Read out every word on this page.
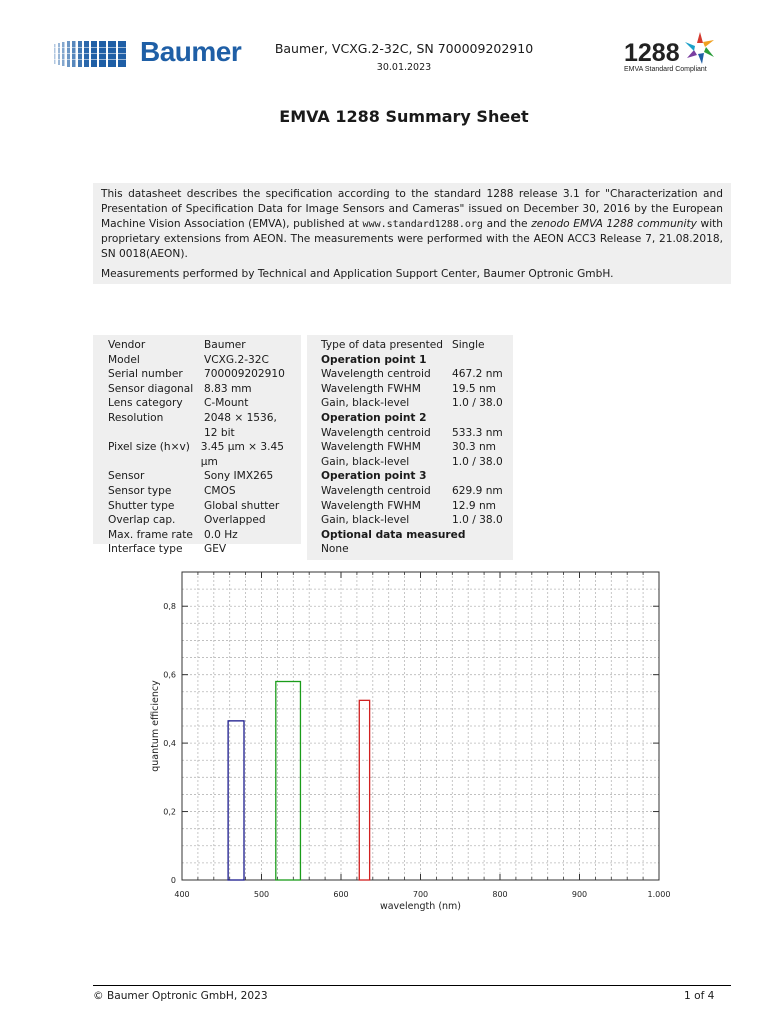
Baumer	Baumer, VCXG.2-32C, SN 700009202910
30.01.2023
1288
EMVA Standard Compliant
EMVA 1288 Summary Sheet

This datasheet describes the specification according to the standard 1288 release 3.1 for "Characterization and Presentation of Specification Data for Image Sensors and Cameras" issued on December 30, 2016 by the European Machine Vision Association (EMVA), published at www.standard1288.org and the zenodo EMVA 1288 community with proprietary extensions from AEON. The measurements were performed with the AEON ACC3 Release 7, 21.08.2018, SN 0018(AEON).

Measurements performed by Technical and Application Support Center, Baumer Optronic GmbH.

Vendor	Baumer
Model	VCXG.2-32C
Serial number	700009202910
Sensor diagonal	8.83 mm
Lens category	C-Mount
Resolution	2048 × 1536,
12 bit
Pixel size (h×v)	3.45 µm × 3.45 µm
Sensor	Sony IMX265
Sensor type	CMOS
Shutter type	Global shutter
Overlap cap.	Overlapped
Max. frame rate	0.0 Hz
Interface type	GEV
Type of data presented Single
Operation point 1
Wavelength centroid	467.2 nm
Wavelength FWHM	19.5 nm
Gain, black-level	1.0 / 38.0
Operation point 2
Wavelength centroid	533.3 nm
Wavelength FWHM	30.3 nm
Gain, black-level	1.0 / 38.0
Operation point 3
Wavelength centroid	629.9 nm
Wavelength FWHM	12.9 nm
Gain, black-level	1.0 / 38.0
Optional data measured
None
400	500	600	700	800	900	1.000
0
0,2
0,4
0,6
0,8
wavelength (nm)
quantum efficiency
© Baumer Optronic GmbH, 2023	1 of 4
